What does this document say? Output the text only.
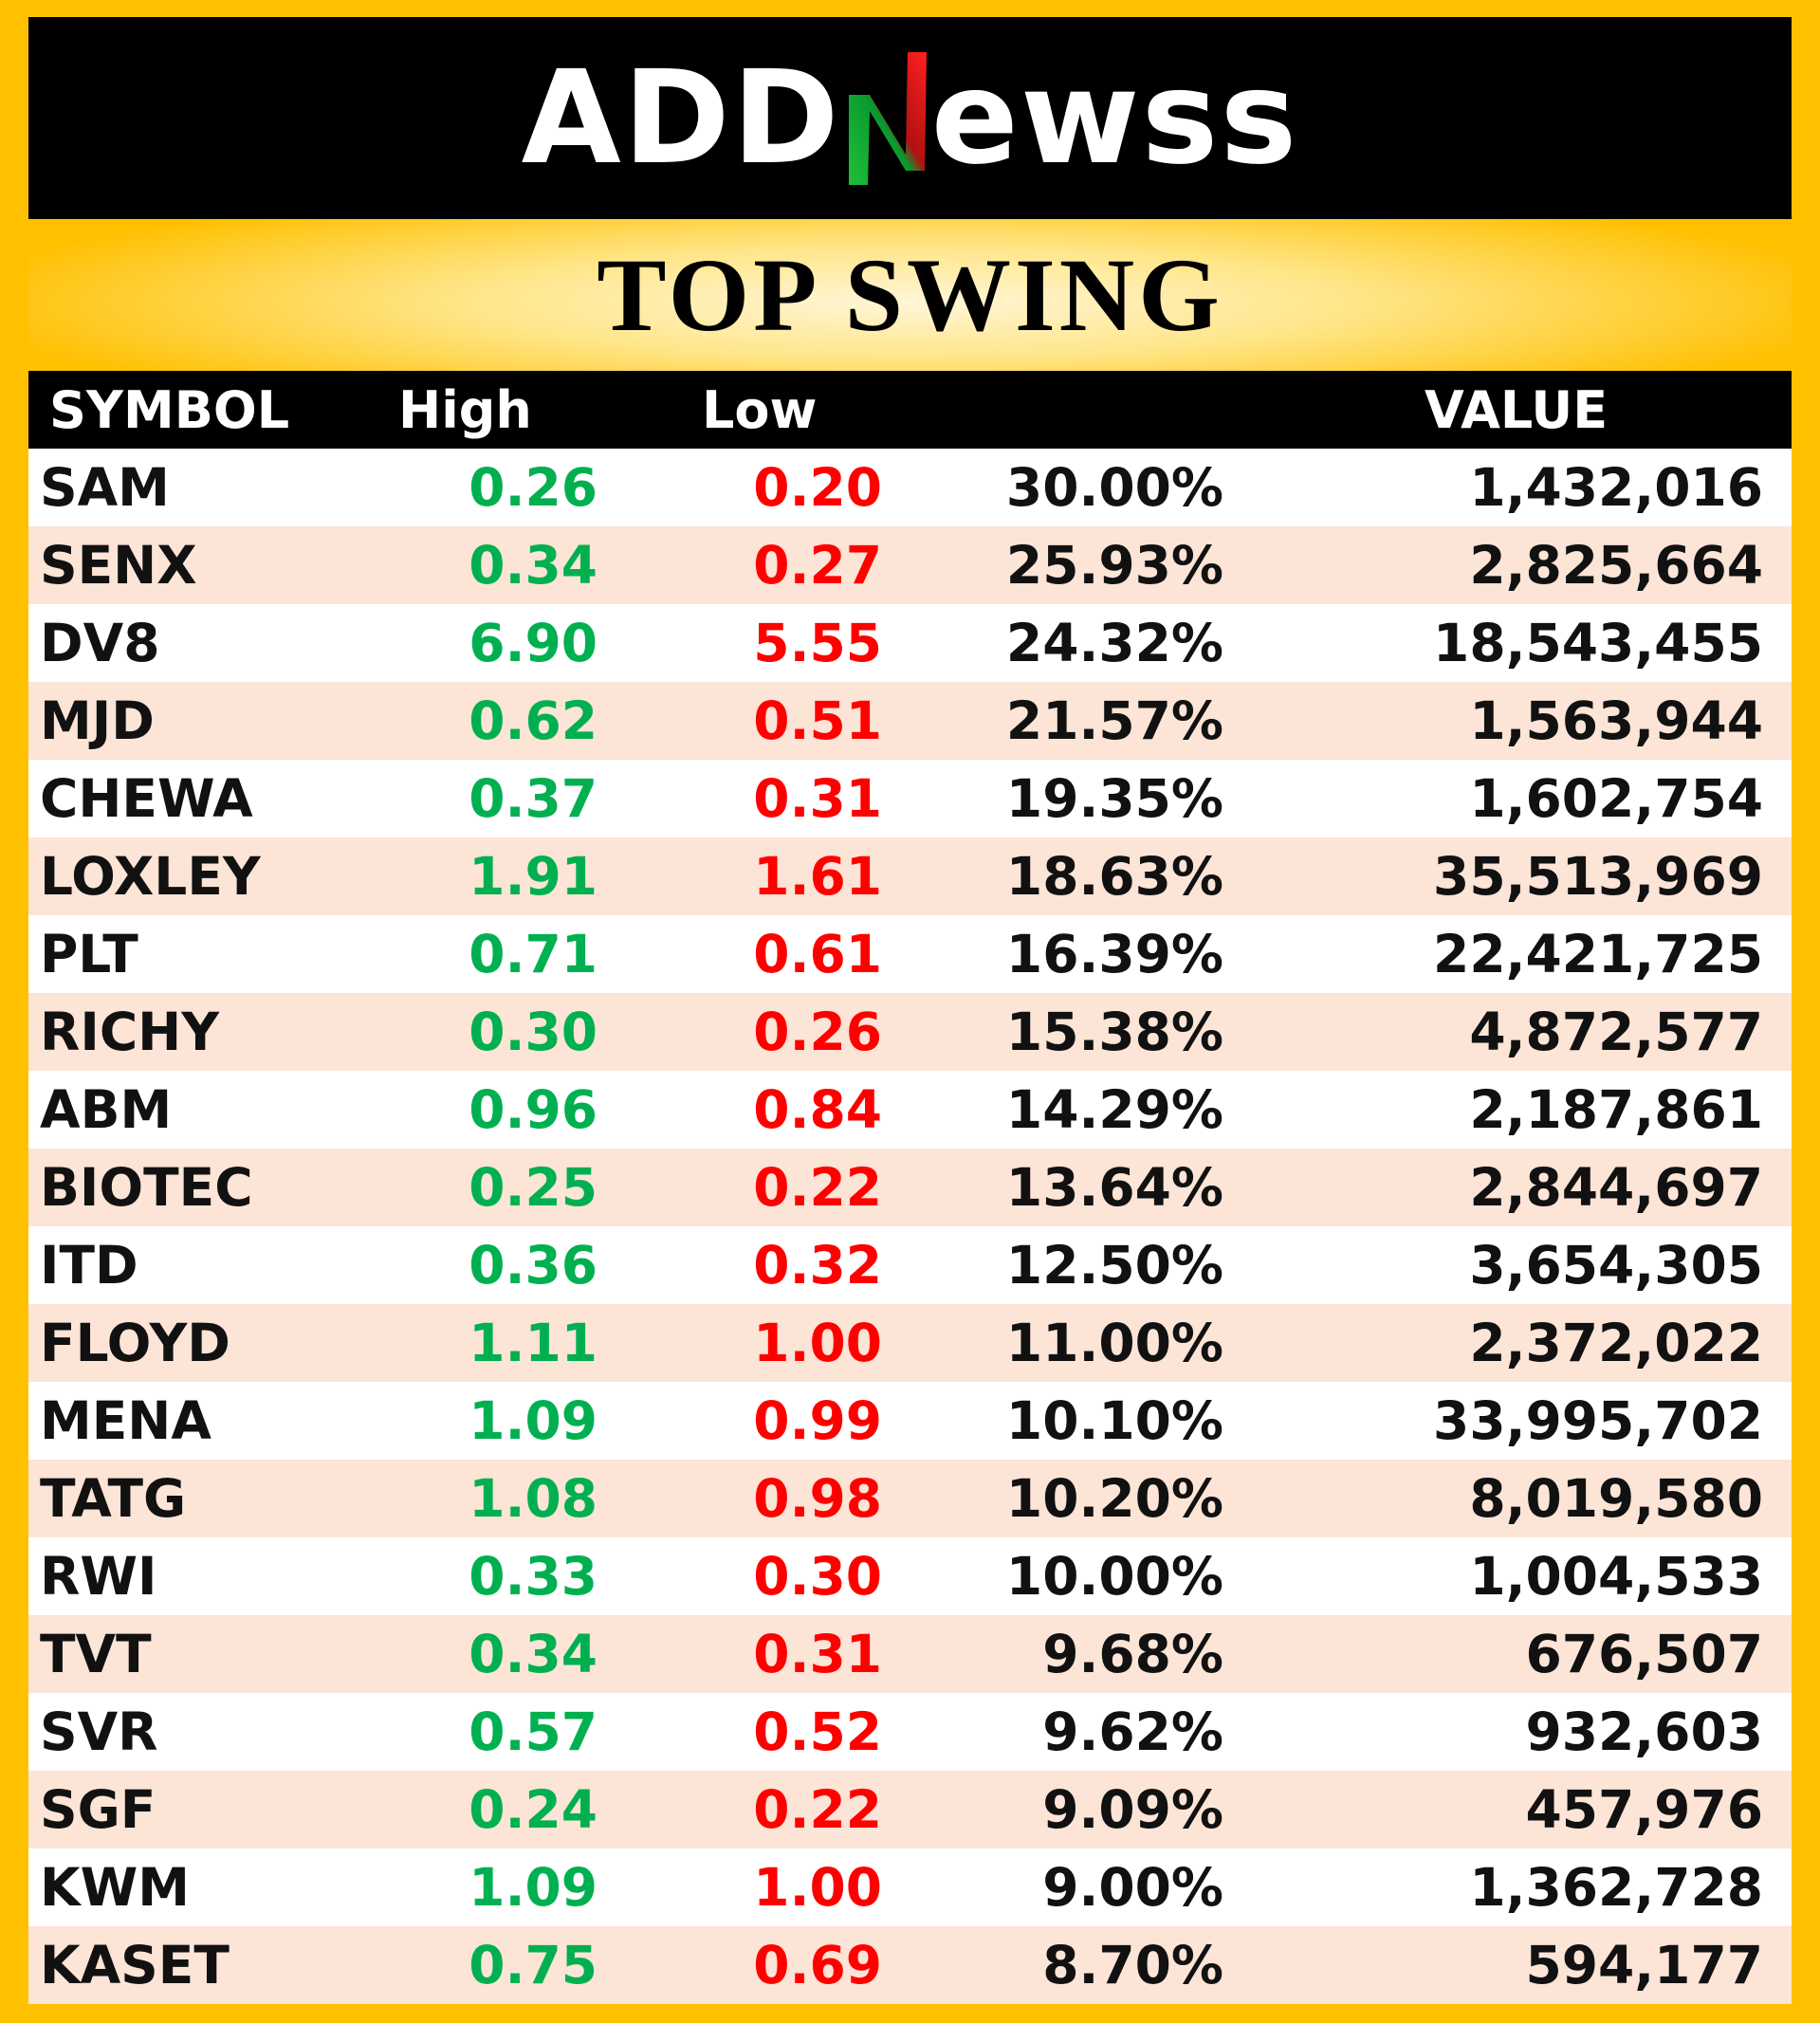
ADD ewss
TOP SWING
SYMBOL	High	Low		VALUE
SAM	0.26	0.20	30.00%	1,432,016
SENX	0.34	0.27	25.93%	2,825,664
DV8	6.90	5.55	24.32%	18,543,455
MJD	0.62	0.51	21.57%	1,563,944
CHEWA	0.37	0.31	19.35%	1,602,754
LOXLEY	1.91	1.61	18.63%	35,513,969
PLT	0.71	0.61	16.39%	22,421,725
RICHY	0.30	0.26	15.38%	4,872,577
ABM	0.96	0.84	14.29%	2,187,861
BIOTEC	0.25	0.22	13.64%	2,844,697
ITD	0.36	0.32	12.50%	3,654,305
FLOYD	1.11	1.00	11.00%	2,372,022
MENA	1.09	0.99	10.10%	33,995,702
TATG	1.08	0.98	10.20%	8,019,580
RWI	0.33	0.30	10.00%	1,004,533
TVT	0.34	0.31	9.68%	676,507
SVR	0.57	0.52	9.62%	932,603
SGF	0.24	0.22	9.09%	457,976
KWM	1.09	1.00	9.00%	1,362,728
KASET	0.75	0.69	8.70%	594,177
